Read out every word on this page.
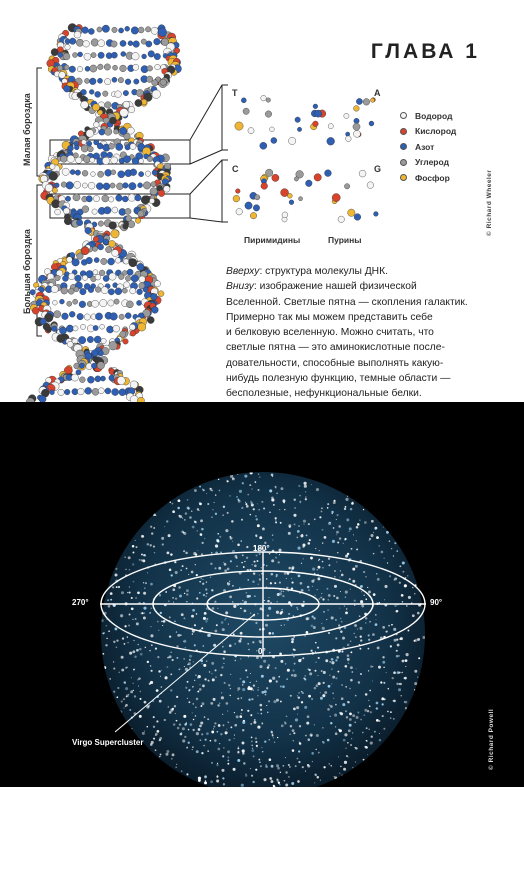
ГЛАВА 1
Малая бороздка
Большая бороздка
Водород
Кислород
Азот
Углерод
Фосфор
T	A
C	G
Пиримидины	Пурины
© Richard Wheeler
Вверху: структура молекулы ДНК.
Внизу: изображение нашей физической
Вселенной. Светлые пятна — скопления галактик.
Примерно так мы можем представить себе
и белковую вселенную. Можно считать, что
светлые пятна — это аминокислотные после-
довательности, способные выполнять какую-
нибудь полезную функцию, темные области —
бесполезные, нефункциональные белки.
1 млрд.
световых лет
180°
270°	90°
0°
Virgo Supercluster	© Richard Powell
